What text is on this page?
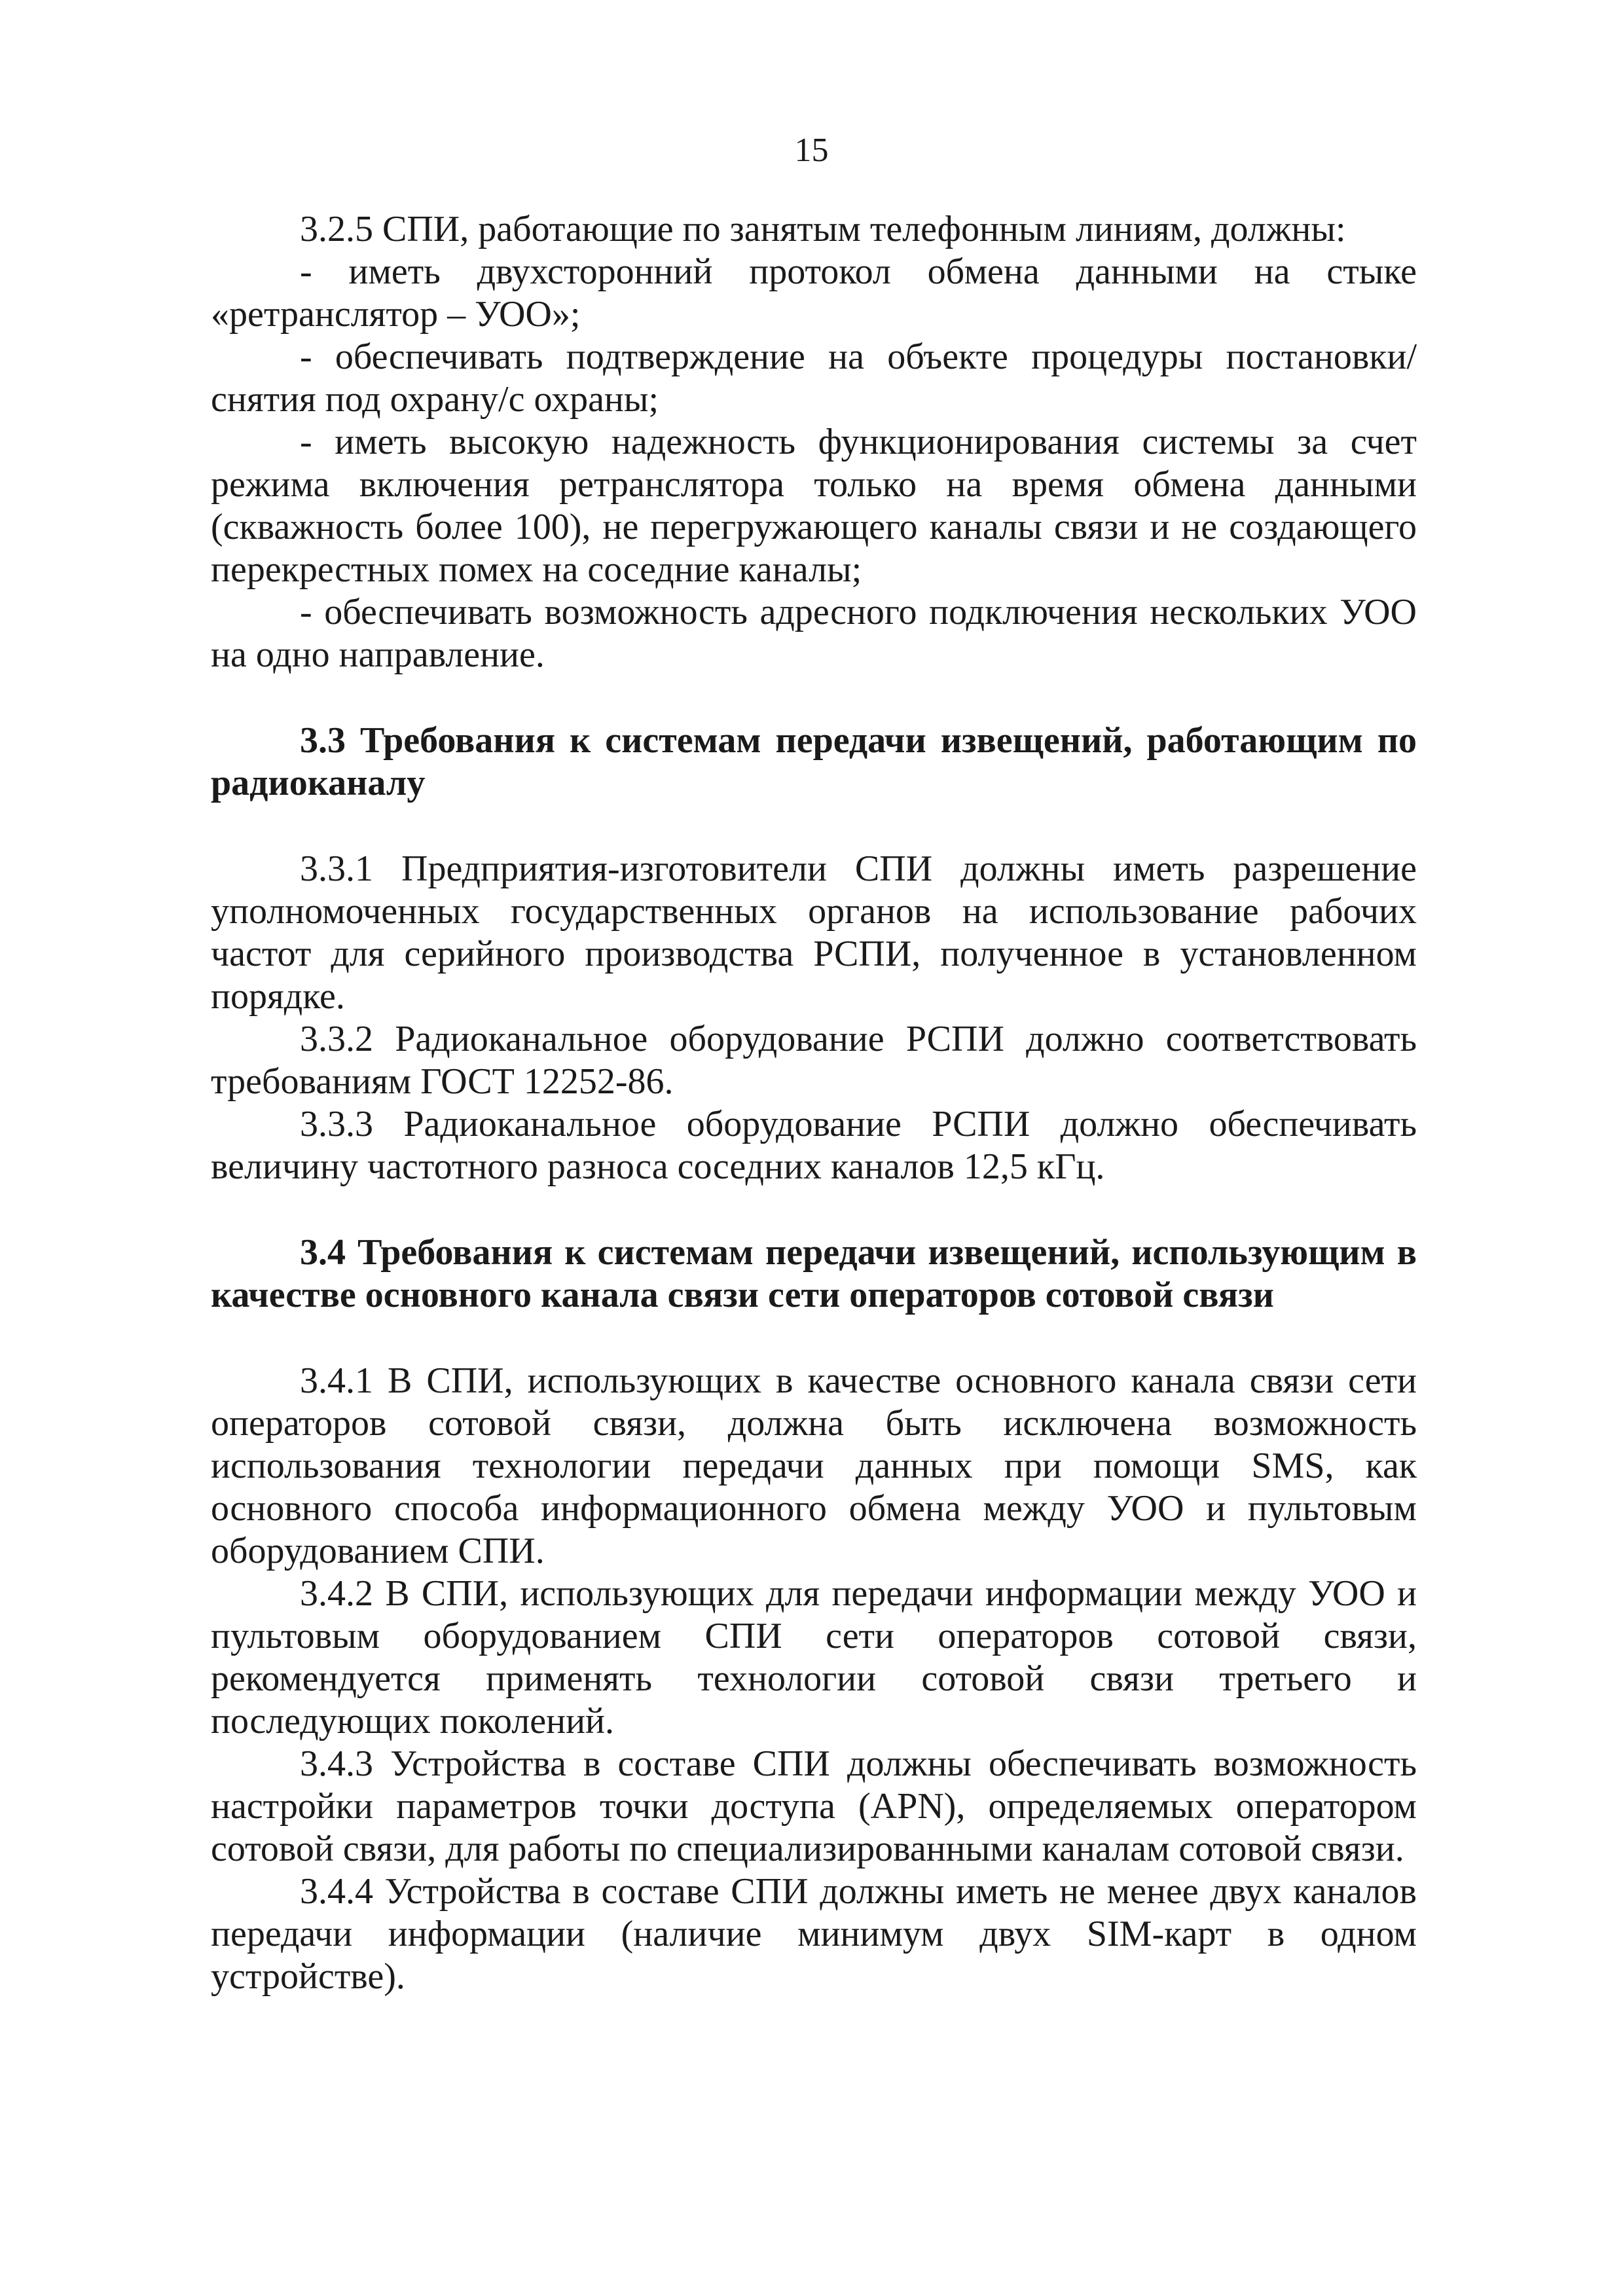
15

3.2.5 СПИ, работающие по занятым телефонным линиям, должны:

- иметь двухсторонний протокол обмена данными на стыке «ретранслятор – УОО»;

- обеспечивать подтверждение на объекте процедуры постановки/снятия под охрану/с охраны;

- иметь высокую надежность функционирования системы за счет режима включения ретранслятора только на время обмена данными (скважность более 100), не перегружающего каналы связи и не создающего перекрестных помех на соседние каналы;

- обеспечивать возможность адресного подключения нескольких УОО на одно направление.

3.3 Требования к системам передачи извещений, работающим по радиоканалу

3.3.1 Предприятия-изготовители СПИ должны иметь разрешение уполномоченных государственных органов на использование рабочих частот для серийного производства РСПИ, полученное в установленном порядке.

3.3.2 Радиоканальное оборудование РСПИ должно соответствовать требованиям ГОСТ 12252-86.

3.3.3 Радиоканальное оборудование РСПИ должно обеспечивать величину частотного разноса соседних каналов 12,5 кГц.

3.4 Требования к системам передачи извещений, использующим в качестве основного канала связи сети операторов сотовой связи

3.4.1 В СПИ, использующих в качестве основного канала связи сети операторов сотовой связи, должна быть исключена возможность использования технологии передачи данных при помощи SMS, как основного способа информационного обмена между УОО и пультовым оборудованием СПИ.

3.4.2 В СПИ, использующих для передачи информации между УОО и пультовым оборудованием СПИ сети операторов сотовой связи, рекомендуется применять технологии сотовой связи третьего и последующих поколений.

3.4.3 Устройства в составе СПИ должны обеспечивать возможность настройки параметров точки доступа (APN), определяемых оператором сотовой связи, для работы по специализированными каналам сотовой связи.

3.4.4 Устройства в составе СПИ должны иметь не менее двух каналов передачи информации (наличие минимум двух SIM-карт в одном устройстве).
